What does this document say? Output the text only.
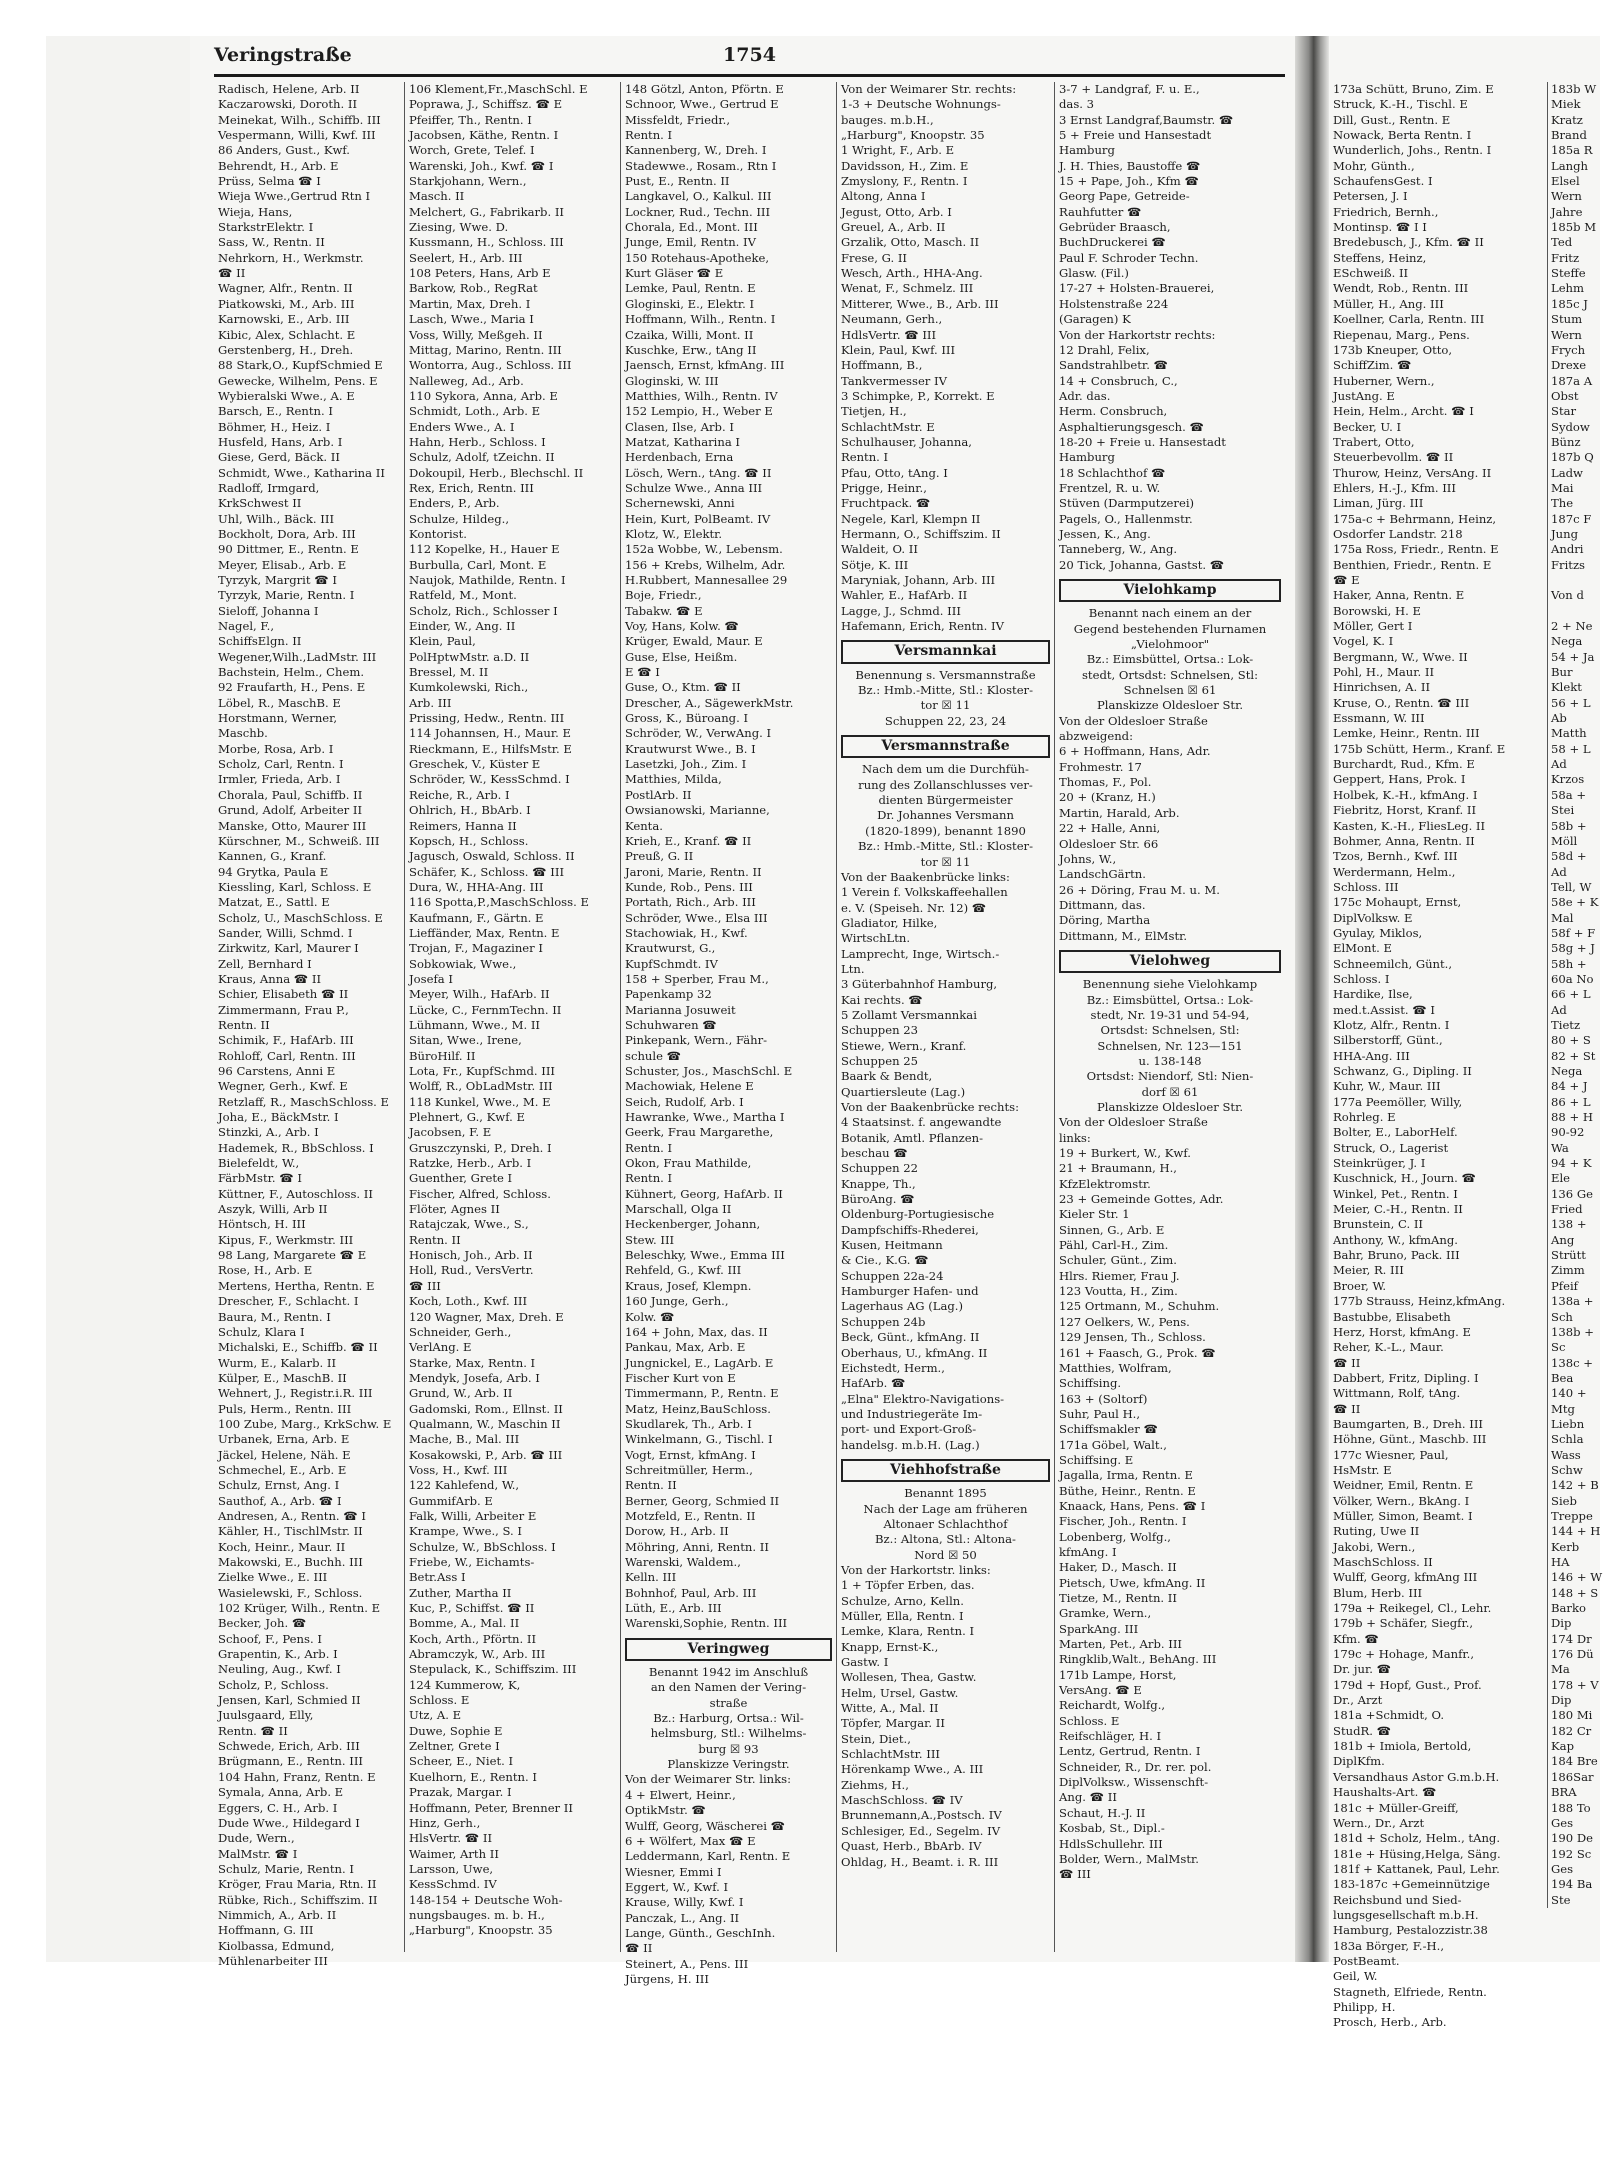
Veringstraße	1754
Radisch, Helene, Arb. II
Kaczarowski, Doroth. II
Meinekat, Wilh., Schiffb. III
Vespermann, Willi, Kwf. III
86 Anders, Gust., Kwf.
Behrendt, H., Arb. E
Prüss, Selma ☎ I
Wieja Wwe.,Gertrud Rtn I
Wieja, Hans,
StarkstrElektr. I
Sass, W., Rentn. II
Nehrkorn, H., Werkmstr.
☎ II
Wagner, Alfr., Rentn. II
Piatkowski, M., Arb. III
Karnowski, E., Arb. III
Kibic, Alex, Schlacht. E
Gerstenberg, H., Dreh.
88 Stark,O., KupfSchmied E
Gewecke, Wilhelm, Pens. E
Wybieralski Wwe., A. E
Barsch, E., Rentn. I
Böhmer, H., Heiz. I
Husfeld, Hans, Arb. I
Giese, Gerd, Bäck. II
Schmidt, Wwe., Katharina II
Radloff, Irmgard,
KrkSchwest II
Uhl, Wilh., Bäck. III
Bockholt, Dora, Arb. III
90 Dittmer, E., Rentn. E
Meyer, Elisab., Arb. E
Tyrzyk, Margrit ☎ I
Tyrzyk, Marie, Rentn. I
Sieloff, Johanna I
Nagel, F.,
SchiffsElgn. II
Wegener,Wilh.,LadMstr. III
Bachstein, Helm., Chem.
92 Fraufarth, H., Pens. E
Löbel, R., MaschB. E
Horstmann, Werner,
Maschb.
Morbe, Rosa, Arb. I
Scholz, Carl, Rentn. I
Irmler, Frieda, Arb. I
Chorala, Paul, Schiffb. II
Grund, Adolf, Arbeiter II
Manske, Otto, Maurer III
Kürschner, M., Schweiß. III
Kannen, G., Kranf.
94 Grytka, Paula E
Kiessling, Karl, Schloss. E
Matzat, E., Sattl. E
Scholz, U., MaschSchloss. E
Sander, Willi, Schmd. I
Zirkwitz, Karl, Maurer I
Zell, Bernhard I
Kraus, Anna ☎ II
Schier, Elisabeth ☎ II
Zimmermann, Frau P.,
Rentn. II
Schimik, F., HafArb. III
Rohloff, Carl, Rentn. III
96 Carstens, Anni E
Wegner, Gerh., Kwf. E
Retzlaff, R., MaschSchloss. E
Joha, E., BäckMstr. I
Stinzki, A., Arb. I
Hademek, R., BbSchloss. I
Bielefeldt, W.,
FärbMstr. ☎ I
Küttner, F., Autoschloss. II
Aszyk, Willi, Arb II
Höntsch, H. III
Kipus, F., Werkmstr. III
98 Lang, Margarete ☎ E
Rose, H., Arb. E
Mertens, Hertha, Rentn. E
Drescher, F., Schlacht. I
Baura, M., Rentn. I
Schulz, Klara I
Michalski, E., Schiffb. ☎ II
Wurm, E., Kalarb. II
Külper, E., MaschB. II
Wehnert, J., Registr.i.R. III
Puls, Herm., Rentn. III
100 Zube, Marg., KrkSchw. E
Urbanek, Erna, Arb. E
Jäckel, Helene, Näh. E
Schmechel, E., Arb. E
Schulz, Ernst, Ang. I
Sauthof, A., Arb. ☎ I
Andresen, A., Rentn. ☎ I
Kähler, H., TischlMstr. II
Koch, Heinr., Maur. II
Makowski, E., Buchh. III
Zielke Wwe., E. III
Wasielewski, F., Schloss.
102 Krüger, Wilh., Rentn. E
Becker, Joh. ☎
Schoof, F., Pens. I
Grapentin, K., Arb. I
Neuling, Aug., Kwf. I
Scholz, P., Schloss.
Jensen, Karl, Schmied II
Juulsgaard, Elly,
Rentn. ☎ II
Schwede, Erich, Arb. III
Brügmann, E., Rentn. III
104 Hahn, Franz, Rentn. E
Symala, Anna, Arb. E
Eggers, C. H., Arb. I
Dude Wwe., Hildegard I
Dude, Wern.,
MalMstr. ☎ I
Schulz, Marie, Rentn. I
Kröger, Frau Maria, Rtn. II
Rübke, Rich., Schiffszim. II
Nimmich, A., Arb. II
Hoffmann, G. III
Kiolbassa, Edmund,
Mühlenarbeiter III
106 Klement,Fr.,MaschSchl. E
Poprawa, J., Schiffsz. ☎ E
Pfeiffer, Th., Rentn. I
Jacobsen, Käthe, Rentn. I
Worch, Grete, Telef. I
Warenski, Joh., Kwf. ☎ I
Starkjohann, Wern.,
Masch. II
Melchert, G., Fabrikarb. II
Ziesing, Wwe. D.
Kussmann, H., Schloss. III
Seelert, H., Arb. III
108 Peters, Hans, Arb E
Barkow, Rob., RegRat
Martin, Max, Dreh. I
Lasch, Wwe., Maria I
Voss, Willy, Meßgeh. II
Mittag, Marino, Rentn. III
Wontorra, Aug., Schloss. III
Nalleweg, Ad., Arb.
110 Sykora, Anna, Arb. E
Schmidt, Loth., Arb. E
Enders Wwe., A. I
Hahn, Herb., Schloss. I
Schulz, Adolf, tZeichn. II
Dokoupil, Herb., Blechschl. II
Rex, Erich, Rentn. III
Enders, P., Arb.
Schulze, Hildeg.,
Kontorist.
112 Kopelke, H., Hauer E
Burbulla, Carl, Mont. E
Naujok, Mathilde, Rentn. I
Ratfeld, M., Mont.
Scholz, Rich., Schlosser I
Einder, W., Ang. II
Klein, Paul,
PolHptwMstr. a.D. II
Bressel, M. II
Kumkolewski, Rich.,
Arb. III
Prissing, Hedw., Rentn. III
114 Johannsen, H., Maur. E
Rieckmann, E., HilfsMstr. E
Greschek, V., Küster E
Schröder, W., KessSchmd. I
Reiche, R., Arb. I
Ohlrich, H., BbArb. I
Reimers, Hanna II
Kopsch, H., Schloss.
Jagusch, Oswald, Schloss. II
Schäfer, K., Schloss. ☎ III
Dura, W., HHA-Ang. III
116 Spotta,P.,MaschSchloss. E
Kaufmann, F., Gärtn. E
Lieffänder, Max, Rentn. E
Trojan, F., Magaziner I
Sobkowiak, Wwe.,
Josefa I
Meyer, Wilh., HafArb. II
Lücke, C., FernmTechn. II
Lühmann, Wwe., M. II
Sitan, Wwe., Irene,
BüroHilf. II
Lota, Fr., KupfSchmd. III
Wolff, R., ObLadMstr. III
118 Kunkel, Wwe., M. E
Plehnert, G., Kwf. E
Jacobsen, F. E
Gruszczynski, P., Dreh. I
Ratzke, Herb., Arb. I
Guenther, Grete I
Fischer, Alfred, Schloss.
Flöter, Agnes II
Ratajczak, Wwe., S.,
Rentn. II
Honisch, Joh., Arb. II
Holl, Rud., VersVertr.
☎ III
Koch, Loth., Kwf. III
120 Wagner, Max, Dreh. E
Schneider, Gerh.,
VerlAng. E
Starke, Max, Rentn. I
Mendyk, Josefa, Arb. I
Grund, W., Arb. II
Gadomski, Rom., Ellnst. II
Qualmann, W., Maschin II
Mache, B., Mal. III
Kosakowski, P., Arb. ☎ III
Voss, H., Kwf. III
122 Kahlefend, W.,
GummifArb. E
Falk, Willi, Arbeiter E
Krampe, Wwe., S. I
Schulze, W., BbSchloss. I
Friebe, W., Eichamts-
Betr.Ass I
Zuther, Martha II
Kuc, P., Schiffst. ☎ II
Bomme, A., Mal. II
Koch, Arth., Pförtn. II
Abramczyk, W., Arb. III
Stepulack, K., Schiffszim. III
124 Kummerow, K,
Schloss. E
Utz, A. E
Duwe, Sophie E
Zeltner, Grete I
Scheer, E., Niet. I
Kuelhorn, E., Rentn. I
Prazak, Margar. I
Hoffmann, Peter, Brenner II
Hinz, Gerh.,
HlsVertr. ☎ II
Waimer, Arth II
Larsson, Uwe,
KessSchmd. IV
148-154 + Deutsche Woh-
nungsbauges. m. b. H.,
„Harburg", Knoopstr. 35
148 Götzl, Anton, Pförtn. E
Schnoor, Wwe., Gertrud E
Missfeldt, Friedr.,
Rentn. I
Kannenberg, W., Dreh. I
Stadewwe., Rosam., Rtn I
Pust, E., Rentn. II
Langkavel, O., Kalkul. III
Lockner, Rud., Techn. III
Chorala, Ed., Mont. III
Junge, Emil, Rentn. IV
150 Rotehaus-Apotheke,
Kurt Gläser ☎ E
Lemke, Paul, Rentn. E
Gloginski, E., Elektr. I
Hoffmann, Wilh., Rentn. I
Czaika, Willi, Mont. II
Kuschke, Erw., tAng II
Jaensch, Ernst, kfmAng. III
Gloginski, W. III
Matthies, Wilh., Rentn. IV
152 Lempio, H., Weber E
Clasen, Ilse, Arb. I
Matzat, Katharina I
Herdenbach, Erna
Lösch, Wern., tAng. ☎ II
Schulze Wwe., Anna III
Schernewski, Anni
Hein, Kurt, PolBeamt. IV
Klotz, W., Elektr.
152a Wobbe, W., Lebensm.
156 + Krebs, Wilhelm, Adr.
H.Rubbert, Mannesallee 29
Boje, Friedr.,
Tabakw. ☎ E
Voy, Hans, Kolw. ☎
Krüger, Ewald, Maur. E
Guse, Else, Heißm.
E ☎ I
Guse, O., Ktm. ☎ II
Drescher, A., SägewerkMstr.
Gross, K., Büroang. I
Schröder, W., VerwAng. I
Krautwurst Wwe., B. I
Lasetzki, Joh., Zim. I
Matthies, Milda,
PostlArb. II
Owsianowski, Marianne,
Kenta.
Krieh, E., Kranf. ☎ II
Preuß, G. II
Jaroni, Marie, Rentn. II
Kunde, Rob., Pens. III
Portath, Rich., Arb. III
Schröder, Wwe., Elsa III
Stachowiak, H., Kwf.
Krautwurst, G.,
KupfSchmdt. IV
158 + Sperber, Frau M.,
Papenkamp 32
Marianna Josuweit
Schuhwaren ☎
Pinkepank, Wern., Fähr-
schule ☎
Schuster, Jos., MaschSchl. E
Machowiak, Helene E
Seich, Rudolf, Arb. I
Hawranke, Wwe., Martha I
Geerk, Frau Margarethe,
Rentn. I
Okon, Frau Mathilde,
Rentn. I
Kühnert, Georg, HafArb. II
Marschall, Olga II
Heckenberger, Johann,
Stew. III
Beleschky, Wwe., Emma III
Rehfeld, G., Kwf. III
Kraus, Josef, Klempn.
160 Junge, Gerh.,
Kolw. ☎
164 + John, Max, das. II
Pankau, Max, Arb. E
Jungnickel, E., LagArb. E
Fischer Kurt von E
Timmermann, P., Rentn. E
Matz, Heinz,BauSchloss.
Skudlarek, Th., Arb. I
Winkelmann, G., Tischl. I
Vogt, Ernst, kfmAng. I
Schreitmüller, Herm.,
Rentn. II
Berner, Georg, Schmied II
Motzfeld, E., Rentn. II
Dorow, H., Arb. II
Möhring, Anni, Rentn. II
Warenski, Waldem.,
Kelln. III
Bohnhof, Paul, Arb. III
Lüth, E., Arb. III
Warenski,Sophie, Rentn. III
Veringweg
Benannt 1942 im Anschluß
an den Namen der Vering-
straße
Bz.: Harburg, Ortsa.: Wil-
helmsburg, Stl.: Wilhelms-
burg ☒ 93
Planskizze Veringstr.
Von der Weimarer Str. links:
4 + Elwert, Heinr.,
OptikMstr. ☎
Wulff, Georg, Wäscherei ☎
6 + Wölfert, Max ☎ E
Leddermann, Karl, Rentn. E
Wiesner, Emmi I
Eggert, W., Kwf. I
Krause, Willy, Kwf. I
Panczak, L., Ang. II
Lange, Günth., GeschInh.
☎ II
Steinert, A., Pens. III
Jürgens, H. III
Von der Weimarer Str. rechts:
1-3 + Deutsche Wohnungs-
bauges. m.b.H.,
„Harburg", Knoopstr. 35
1 Wright, F., Arb. E
Davidsson, H., Zim. E
Zmyslony, F., Rentn. I
Altong, Anna I
Jegust, Otto, Arb. I
Greuel, A., Arb. II
Grzalik, Otto, Masch. II
Frese, G. II
Wesch, Arth., HHA-Ang.
Wenat, F., Schmelz. III
Mitterer, Wwe., B., Arb. III
Neumann, Gerh.,
HdlsVertr. ☎ III
Klein, Paul, Kwf. III
Hoffmann, B.,
Tankvermesser IV
3 Schimpke, P., Korrekt. E
Tietjen, H.,
SchlachtMstr. E
Schulhauser, Johanna,
Rentn. I
Pfau, Otto, tAng. I
Prigge, Heinr.,
Fruchtpack. ☎
Negele, Karl, Klempn II
Hermann, O., Schiffszim. II
Waldeit, O. II
Sötje, K. III
Maryniak, Johann, Arb. III
Wahler, E., HafArb. II
Lagge, J., Schmd. III
Hafemann, Erich, Rentn. IV
Versmannkai
Benennung s. Versmannstraße
Bz.: Hmb.-Mitte, Stl.: Kloster-
tor ☒ 11
Schuppen 22, 23, 24
Versmannstraße
Nach dem um die Durchfüh-
rung des Zollanschlusses ver-
dienten Bürgermeister
Dr. Johannes Versmann
(1820-1899), benannt 1890
Bz.: Hmb.-Mitte, Stl.: Kloster-
tor ☒ 11
Von der Baakenbrücke links:
1 Verein f. Volkskaffeehallen
e. V. (Speiseh. Nr. 12) ☎
Gladiator, Hilke,
WirtschLtn.
Lamprecht, Inge, Wirtsch.-
Ltn.
3 Güterbahnhof Hamburg,
Kai rechts. ☎
5 Zollamt Versmannkai
Schuppen 23
Stiewe, Wern., Kranf.
Schuppen 25
Baark & Bendt,
Quartiersleute (Lag.)
Von der Baakenbrücke rechts:
4 Staatsinst. f. angewandte
Botanik, Amtl. Pflanzen-
beschau ☎
Schuppen 22
Knappe, Th.,
BüroAng. ☎
Oldenburg-Portugiesische
Dampfschiffs-Rhederei,
Kusen, Heitmann
& Cie., K.G. ☎
Schuppen 22a-24
Hamburger Hafen- und
Lagerhaus AG (Lag.)
Schuppen 24b
Beck, Günt., kfmAng. II
Oberhaus, U., kfmAng. II
Eichstedt, Herm.,
HafArb. ☎
„Elna" Elektro-Navigations-
und Industriegeräte Im-
port- und Export-Groß-
handelsg. m.b.H. (Lag.)
Viehhofstraße
Benannt 1895
Nach der Lage am früheren
Altonaer Schlachthof
Bz.: Altona, Stl.: Altona-
Nord ☒ 50
Von der Harkortstr. links:
1 + Töpfer Erben, das.
Schulze, Arno, Kelln.
Müller, Ella, Rentn. I
Lemke, Klara, Rentn. I
Knapp, Ernst-K.,
Gastw. I
Wollesen, Thea, Gastw.
Helm, Ursel, Gastw.
Witte, A., Mal. II
Töpfer, Margar. II
Stein, Diet.,
SchlachtMstr. III
Hörenkamp Wwe., A. III
Ziehms, H.,
MaschSchloss. ☎ IV
Brunnemann,A.,Postsch. IV
Schlesiger, Ed., Segelm. IV
Quast, Herb., BbArb. IV
Ohldag, H., Beamt. i. R. III
3-7 + Landgraf, F. u. E.,
das. 3
3 Ernst Landgraf,Baumstr. ☎
5 + Freie und Hansestadt
Hamburg
J. H. Thies, Baustoffe ☎
15 + Pape, Joh., Kfm ☎
Georg Pape, Getreide-
Rauhfutter ☎
Gebrüder Braasch,
BuchDruckerei ☎
Paul F. Schroder Techn.
Glasw. (Fil.)
17-27 + Holsten-Brauerei,
Holstenstraße 224
(Garagen) K
Von der Harkortstr rechts:
12 Drahl, Felix,
Sandstrahlbetr. ☎
14 + Consbruch, C.,
Adr. das.
Herm. Consbruch,
Asphaltierungsgesch. ☎
18-20 + Freie u. Hansestadt
Hamburg
18 Schlachthof ☎
Frentzel, R. u. W.
Stüven (Darmputzerei)
Pagels, O., Hallenmstr.
Jessen, K., Ang.
Tanneberg, W., Ang.
20 Tick, Johanna, Gastst. ☎
Vielohkamp
Benannt nach einem an der
Gegend bestehenden Flurnamen
„Vielohmoor"
Bz.: Eimsbüttel, Ortsa.: Lok-
stedt, Ortsdst: Schnelsen, Stl:
Schnelsen ☒ 61
Planskizze Oldesloer Str.
Von der Oldesloer Straße
abzweigend:
6 + Hoffmann, Hans, Adr.
Frohmestr. 17
Thomas, F., Pol.
20 + (Kranz, H.)
Martin, Harald, Arb.
22 + Halle, Anni,
Oldesloer Str. 66
Johns, W.,
LandschGärtn.
26 + Döring, Frau M. u. M.
Dittmann, das.
Döring, Martha
Dittmann, M., ElMstr.
Vielohweg
Benennung siehe Vielohkamp
Bz.: Eimsbüttel, Ortsa.: Lok-
stedt, Nr. 19-31 und 54-94,
Ortsdst: Schnelsen, Stl:
Schnelsen, Nr. 123—151
u. 138-148
Ortsdst: Niendorf, Stl: Nien-
dorf ☒ 61
Planskizze Oldesloer Str.
Von der Oldesloer Straße
links:
19 + Burkert, W., Kwf.
21 + Braumann, H.,
KfzElektromstr.
23 + Gemeinde Gottes, Adr.
Kieler Str. 1
Sinnen, G., Arb. E
Pähl, Carl-H., Zim.
Schuler, Günt., Zim.
Hlrs. Riemer, Frau J.
123 Voutta, H., Zim.
125 Ortmann, M., Schuhm.
127 Oelkers, W., Pens.
129 Jensen, Th., Schloss.
161 + Faasch, G., Prok. ☎
Matthies, Wolfram,
Schiffsing.
163 + (Soltorf)
Suhr, Paul H.,
Schiffsmakler ☎
171a Göbel, Walt.,
Schiffsing. E
Jagalla, Irma, Rentn. E
Büthe, Heinr., Rentn. E
Knaack, Hans, Pens. ☎ I
Fischer, Joh., Rentn. I
Lobenberg, Wolfg.,
kfmAng. I
Haker, D., Masch. II
Pietsch, Uwe, kfmAng. II
Tietze, M., Rentn. II
Gramke, Wern.,
SparkAng. III
Marten, Pet., Arb. III
Ringklib,Walt., BehAng. III
171b Lampe, Horst,
VersAng. ☎ E
Reichardt, Wolfg.,
Schloss. E
Reifschläger, H. I
Lentz, Gertrud, Rentn. I
Schneider, R., Dr. rer. pol.
DiplVolksw., Wissenschft-
Ang. ☎ II
Schaut, H.-J. II
Kosbab, St., Dipl.-
HdlsSchullehr. III
Bolder, Wern., MalMstr.
☎ III
173a Schütt, Bruno, Zim. E
Struck, K.-H., Tischl. E
Dill, Gust., Rentn. E
Nowack, Berta Rentn. I
Wunderlich, Johs., Rentn. I
Mohr, Günth.,
SchaufensGest. I
Petersen, J. I
Friedrich, Bernh.,
Montinsp. ☎ I I
Bredebusch, J., Kfm. ☎ II
Steffens, Heinz,
ESchweiß. II
Wendt, Rob., Rentn. III
Müller, H., Ang. III
Koellner, Carla, Rentn. III
Riepenau, Marg., Pens.
173b Kneuper, Otto,
SchiffZim. ☎
Huberner, Wern.,
JustAng. E
Hein, Helm., Archt. ☎ I
Becker, U. I
Trabert, Otto,
Steuerbevollm. ☎ II
Thurow, Heinz, VersAng. II
Ehlers, H.-J., Kfm. III
Liman, Jürg. III
175a-c + Behrmann, Heinz,
Osdorfer Landstr. 218
175a Ross, Friedr., Rentn. E
Benthien, Friedr., Rentn. E
☎ E
Haker, Anna, Rentn. E
Borowski, H. E
Möller, Gert I
Vogel, K. I
Bergmann, W., Wwe. II
Pohl, H., Maur. II
Hinrichsen, A. II
Kruse, O., Rentn. ☎ III
Essmann, W. III
Lemke, Heinr., Rentn. III
175b Schütt, Herm., Kranf. E
Burchardt, Rud., Kfm. E
Geppert, Hans, Prok. I
Holbek, K.-H., kfmAng. I
Fiebritz, Horst, Kranf. II
Kasten, K.-H., FliesLeg. II
Bohmer, Anna, Rentn. II
Tzos, Bernh., Kwf. III
Werdermann, Helm.,
Schloss. III
175c Mohaupt, Ernst,
DiplVolksw. E
Gyulay, Miklos,
ElMont. E
Schneemilch, Günt.,
Schloss. I
Hardike, Ilse,
med.t.Assist. ☎ I
Klotz, Alfr., Rentn. I
Silberstorff, Günt.,
HHA-Ang. III
Schwanz, G., Dipling. II
Kuhr, W., Maur. III
177a Peemöller, Willy,
Rohrleg. E
Bolter, E., LaborHelf.
Struck, O., Lagerist
Steinkrüger, J. I
Kuschnick, H., Journ. ☎
Winkel, Pet., Rentn. I
Meier, C.-H., Rentn. II
Brunstein, C. II
Anthony, W., kfmAng.
Bahr, Bruno, Pack. III
Meier, R. III
Broer, W.
177b Strauss, Heinz,kfmAng.
Bastubbe, Elisabeth
Herz, Horst, kfmAng. E
Reher, K.-L., Maur.
☎ II
Dabbert, Fritz, Dipling. I
Wittmann, Rolf, tAng.
☎ II
Baumgarten, B., Dreh. III
Höhne, Günt., Maschb. III
177c Wiesner, Paul,
HsMstr. E
Weidner, Emil, Rentn. E
Völker, Wern., BkAng. I
Müller, Simon, Beamt. I
Ruting, Uwe II
Jakobi, Wern.,
MaschSchloss. II
Wulff, Georg, kfmAng III
Blum, Herb. III
179a + Reikegel, Cl., Lehr.
179b + Schäfer, Siegfr.,
Kfm. ☎
179c + Hohage, Manfr.,
Dr. jur. ☎
179d + Hopf, Gust., Prof.
Dr., Arzt
181a +Schmidt, O.
StudR. ☎
181b + Imiola, Bertold,
DiplKfm.
Versandhaus Astor G.m.b.H.
Haushalts-Art. ☎
181c + Müller-Greiff,
Wern., Dr., Arzt
181d + Scholz, Helm., tAng.
181e + Hüsing,Helga, Säng.
181f + Kattanek, Paul, Lehr.
183-187c +Gemeinnützige
Reichsbund und Sied-
lungsgesellschaft m.b.H.
Hamburg, Pestalozzistr.38
183a Börger, F.-H.,
PostBeamt.
Geil, W.
Stagneth, Elfriede, Rentn.
Philipp, H.
Prosch, Herb., Arb.
183b W
Miek
Kratz
Brand
185a R
Langh
Elsel
Wern
Jahre
185b M
Ted
Fritz
Steffe
Lehm
185c J
Stum
Wern
Frych
Drexe
187a A
Obst
Star
Sydow
Bünz
187b Q
Ladw
Mai
The
187c F
Jung
Andri
Fritzs

Von d

2 + Ne
Nega
54 + Ja
Bur
Klekt
56 + L
Ab
Matth
58 + L
Ad
Krzos
58a +
Stei
58b +
Möll
58d +
Ad
Tell, W
58e + K
Mal
58f + F
58g + J
58h +
60a No
66 + L
Ad
Tietz
80 + S
82 + St
Nega
84 + J
86 + L
88 + H
90-92
Wa
94 + K
Ele
136 Ge
Fried
138 +
Ang
Strütt
Zimm
Pfeif
138a +
Sch
138b +
Sc
138c +
Bea
140 +
Mtg
Liebn
Schla
Wass
Schw
142 + B
Sieb
Treppe
144 + H
Kerb
HA
146 + W
148 + S
Barko
Dip
174 Dr
176 Dü
Ma
178 + V
Dip
180 Mi
182 Cr
Kap
184 Bre
186Sar
BRA
188 To
Ges
190 De
192 Sc
Ges
194 Ba
Ste
